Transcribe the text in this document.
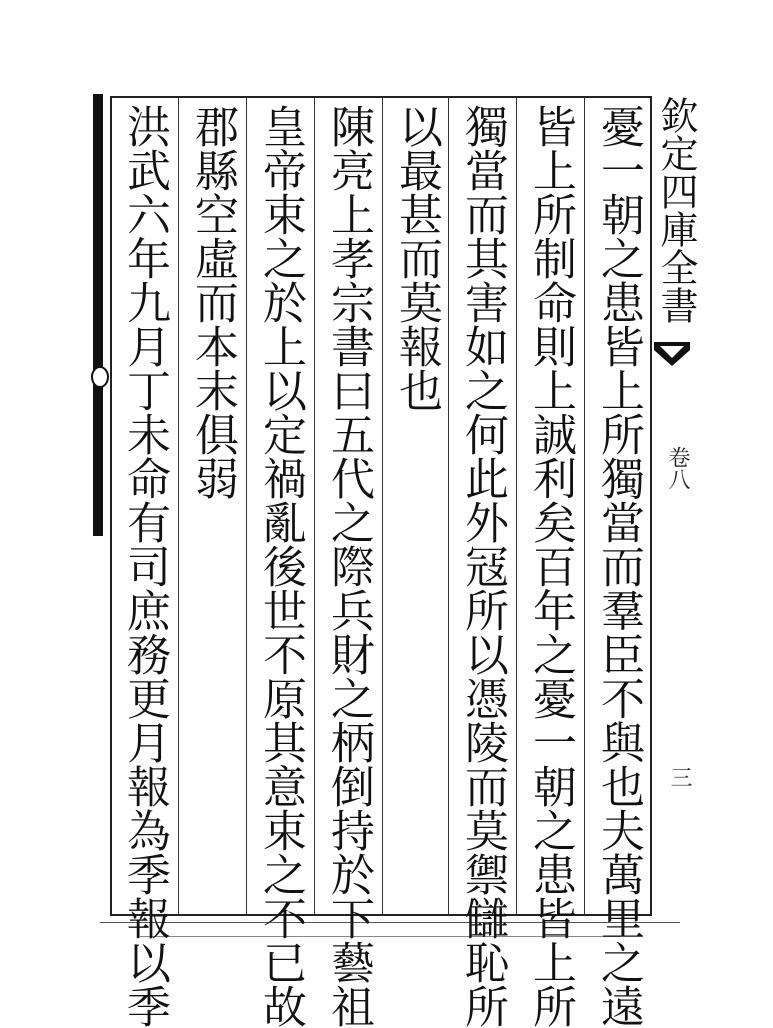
憂一朝之患皆上所獨當而羣臣不與也夫萬里之遠
皆上所制命則上誠利矣百年之憂一朝之患皆上所
獨當而其害如之何此外冦所以憑陵而莫禦讎恥所
以最甚而莫報也
陳亮上孝宗書曰五代之際兵財之柄倒持於下藝祖
皇帝束之於上以定禍亂後世不原其意束之不已故
郡縣空虛而本末俱弱
洪武六年九月丁未命有司庶務更月報為季報以季	欽定四庫全書
卷八
三
